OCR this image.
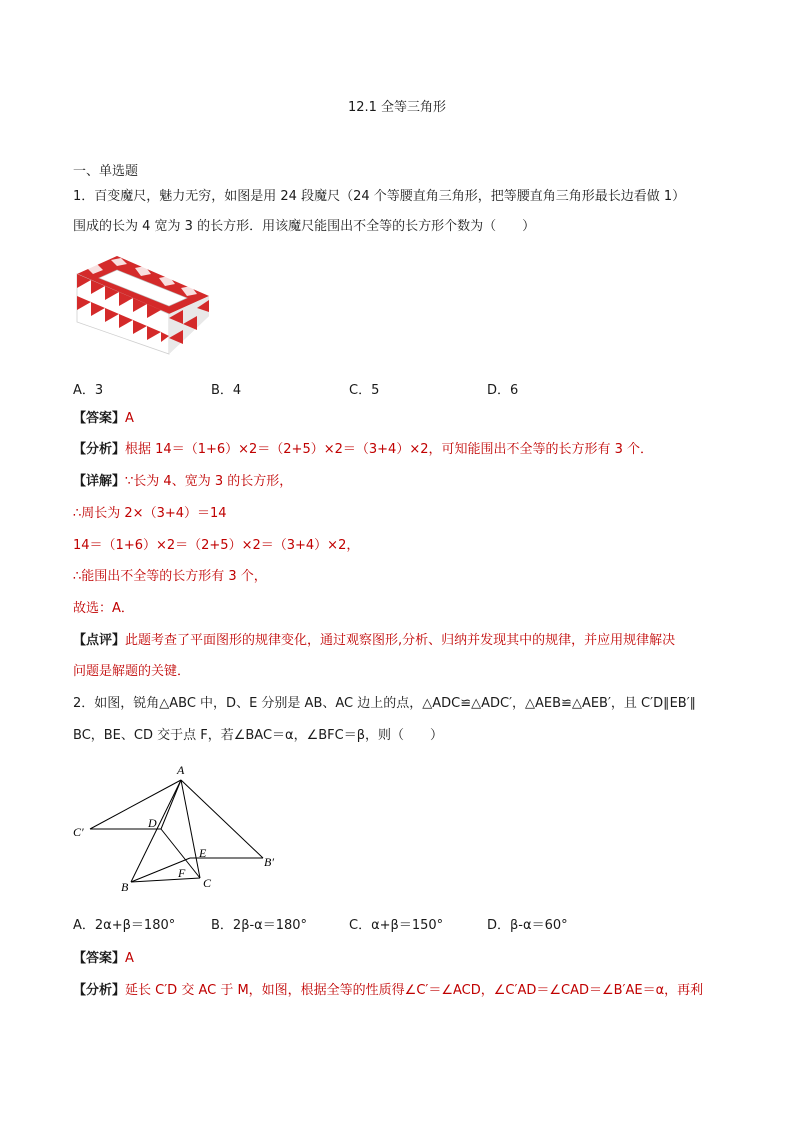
12.1 全等三角形
一、单选题
1．百变魔尺，魅力无穷，如图是用 24 段魔尺（24 个等腰直角三角形，把等腰直角三角形最长边看做 1）
围成的长为 4 宽为 3 的长方形．用该魔尺能围出不全等的长方形个数为（　　）
A．3	B．4	C．5	D．6
【答案】A
【分析】根据 14＝（1+6）×2＝（2+5）×2＝（3+4）×2，可知能围出不全等的长方形有 3 个．
【详解】∵长为 4、宽为 3 的长方形，
∴周长为 2×（3+4）＝14
14＝（1+6）×2＝（2+5）×2＝（3+4）×2，
∴能围出不全等的长方形有 3 个，
故选：A．
【点评】此题考查了平面图形的规律变化，通过观察图形,分析、归纳并发现其中的规律，并应用规律解决
问题是解题的关键．
2．如图，锐角△ABC 中，D、E 分别是 AB、AC 边上的点，△ADC≌△ADC′，△AEB≌△AEB′，且 C′D∥EB′∥
BC，BE、CD 交于点 F，若∠BAC＝α，∠BFC＝β，则（　　）
A
B	C
D
E
F
C′
B′
A．2α+β＝180°	B．2β-α＝180°	C．α+β＝150°	D．β-α＝60°
【答案】A
【分析】延长 C′D 交 AC 于 M，如图，根据全等的性质得∠C′＝∠ACD，∠C′AD＝∠CAD＝∠B′AE＝α，再利
